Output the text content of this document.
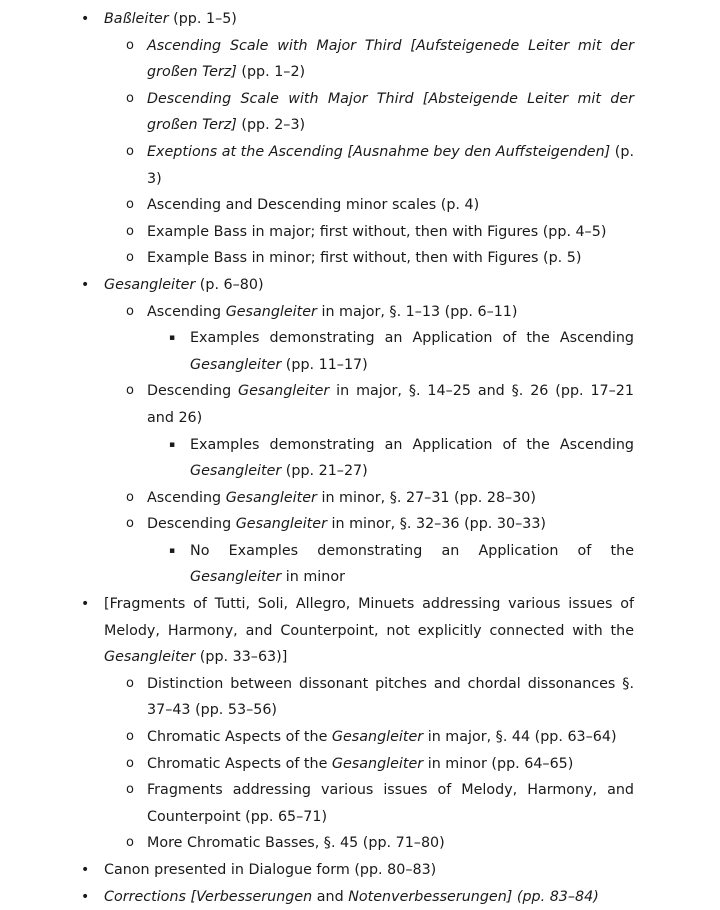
• Baßleiter (pp. 1–5)
o Ascending Scale with Major Third [Aufsteigenede Leiter mit der großen Terz] (pp. 1–2)
o Descending Scale with Major Third [Absteigende Leiter mit der großen Terz] (pp. 2–3)
o Exeptions at the Ascending [Ausnahme bey den Auffsteigenden] (p. 3)
o Ascending and Descending minor scales (p. 4)
o Example Bass in major; first without, then with Figures (pp. 4–5)
o Example Bass in minor; first without, then with Figures (p. 5)
• Gesangleiter (p. 6–80)
o Ascending Gesangleiter in major, §. 1–13 (pp. 6–11)
▪ Examples demonstrating an Application of the Ascending Gesangleiter (pp. 11–17)
o Descending Gesangleiter in major, §. 14–25 and §. 26 (pp. 17–21 and 26)
▪ Examples demonstrating an Application of the Ascending Gesangleiter (pp. 21–27)
o Ascending Gesangleiter in minor, §. 27–31 (pp. 28–30)
o Descending Gesangleiter in minor, §. 32–36 (pp. 30–33)
▪ No Examples demonstrating an Application of the Gesangleiter in minor
• [Fragments of Tutti, Soli, Allegro, Minuets addressing various issues of Melody, Harmony, and Counterpoint, not explicitly connected with the Gesangleiter (pp. 33–63)]
o Distinction between dissonant pitches and chordal dissonances §. 37–43 (pp. 53–56)
o Chromatic Aspects of the Gesangleiter in major, §. 44 (pp. 63–64)
o Chromatic Aspects of the Gesangleiter in minor (pp. 64–65)
o Fragments addressing various issues of Melody, Harmony, and Counterpoint (pp. 65–71)
o More Chromatic Basses, §. 45 (pp. 71–80)
• Canon presented in Dialogue form (pp. 80–83)
• Corrections [Verbesserungen and Notenverbesserungen] (pp. 83–84)
